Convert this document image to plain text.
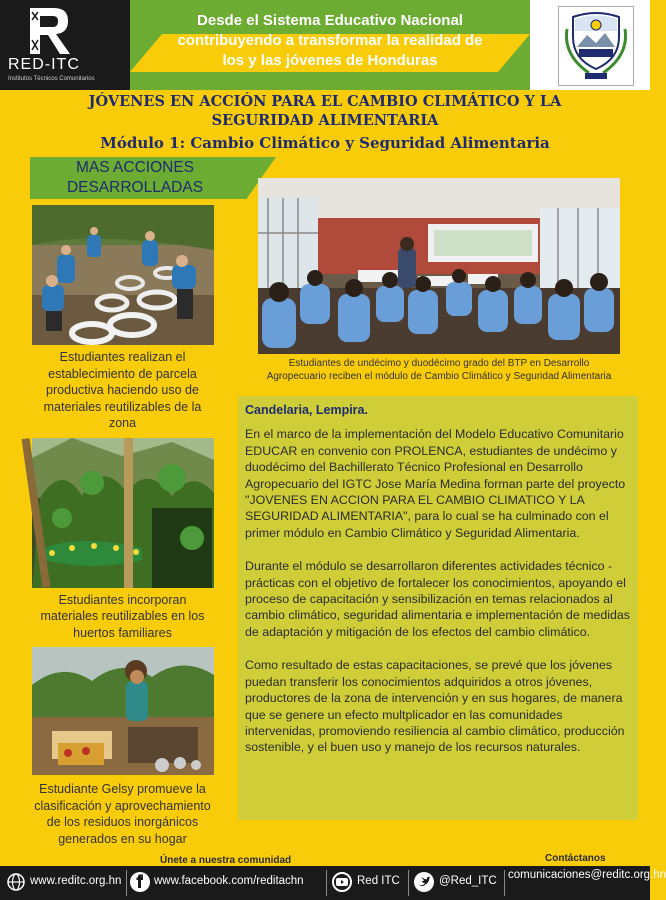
RED-ITC
Institutos Técnicos Comunitarios
Desde el Sistema Educativo Nacional
contribuyendo a transformar la realidad de
los y las jóvenes de Honduras
JÓVENES EN ACCIÓN PARA EL CAMBIO CLIMÁTICO Y LA SEGURIDAD ALIMENTARIA
Módulo 1: Cambio Climático y Seguridad Alimentaria
MAS ACCIONES
DESARROLLADAS
Estudiantes realizan el establecimiento de parcela productiva haciendo uso de materiales reutilizables de la zona
Estudiantes incorporan materiales reutilizables en los huertos familiares
Estudiante Gelsy promueve la clasificación y aprovechamiento de los residuos inorgánicos generados en su hogar
Estudiantes de undécimo y duodécimo grado del BTP en Desarrollo Agropecuario reciben el módulo de Cambio Climático y Seguridad Alimentaria
Candelaria, Lempira.

En el marco de la implementación del Modelo Educativo Comunitario EDUCAR en convenio con PROLENCA, estudiantes de undécimo y duodécimo del Bachillerato Técnico Profesional en Desarrollo Agropecuario del IGTC Jose María Medina forman parte del proyecto "JOVENES EN ACCION PARA EL CAMBIO CLIMATICO Y LA SEGURIDAD ALIMENTARIA", para lo cual se ha culminado con el primer módulo en Cambio Climático y Seguridad Alimentaria.

Durante el módulo se desarrollaron diferentes actividades técnico - prácticas con el objetivo de fortalecer los conocimientos, apoyando el proceso de capacitación y sensibilización en temas relacionados al cambio climático, seguridad alimentaria e implementación de medidas de adaptación y mitigación de los efectos del cambio climático.

Como resultado de estas capacitaciones, se prevé que los jóvenes puedan transferir los conocimientos adquiridos a otros jóvenes, productores de la zona de intervención y en sus hogares, de manera que se genere un efecto multplicador en las comunidades intervenidas, promoviendo resiliencia al cambio climático, producción sostenible, y el buen uso y manejo de los recursos naturales.

Únete a nuestra comunidad	Contáctanos
www.reditc.org.hn	www.facebook.com/reditachn	Red ITC	@Red_ITC comunicaciones@reditc.org.hn
